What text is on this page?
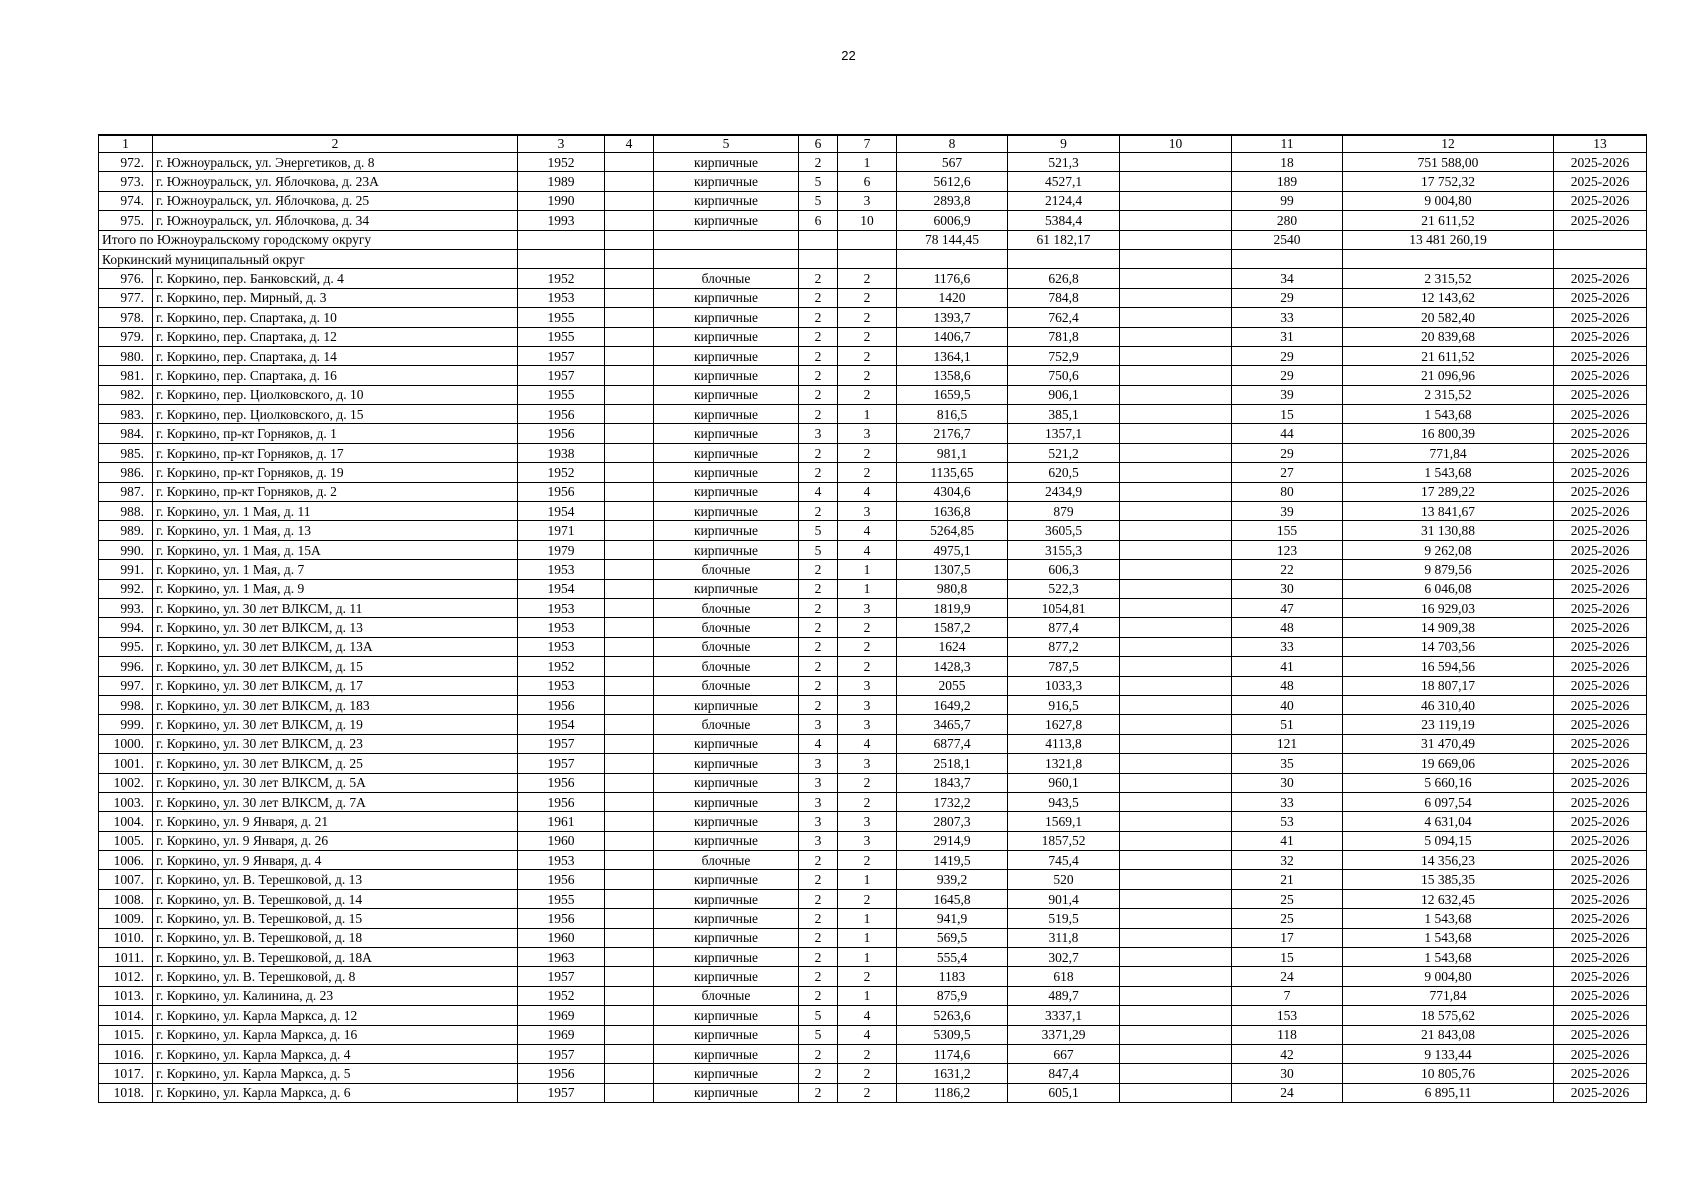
22
1	2	3	4	5	6	7	8	9	10	11	12	13
972.	г. Южноуральск, ул. Энергетиков, д. 8	1952		кирпичные	2	1	567	521,3		18	751 588,00	2025-2026
973.	г. Южноуральск, ул. Яблочкова, д. 23А	1989		кирпичные	5	6	5612,6	4527,1		189	17 752,32	2025-2026
974.	г. Южноуральск, ул. Яблочкова, д. 25	1990		кирпичные	5	3	2893,8	2124,4		99	9 004,80	2025-2026
975.	г. Южноуральск, ул. Яблочкова, д. 34	1993		кирпичные	6	10	6006,9	5384,4		280	21 611,52	2025-2026
Итого по Южноуральскому городскому округу							78 144,45	61 182,17		2540	13 481 260,19	
Коркинский муниципальный округ												
976.	г. Коркино, пер. Банковский, д. 4	1952		блочные	2	2	1176,6	626,8		34	2 315,52	2025-2026
977.	г. Коркино, пер. Мирный, д. 3	1953		кирпичные	2	2	1420	784,8		29	12 143,62	2025-2026
978.	г. Коркино, пер. Спартака, д. 10	1955		кирпичные	2	2	1393,7	762,4		33	20 582,40	2025-2026
979.	г. Коркино, пер. Спартака, д. 12	1955		кирпичные	2	2	1406,7	781,8		31	20 839,68	2025-2026
980.	г. Коркино, пер. Спартака, д. 14	1957		кирпичные	2	2	1364,1	752,9		29	21 611,52	2025-2026
981.	г. Коркино, пер. Спартака, д. 16	1957		кирпичные	2	2	1358,6	750,6		29	21 096,96	2025-2026
982.	г. Коркино, пер. Циолковского, д. 10	1955		кирпичные	2	2	1659,5	906,1		39	2 315,52	2025-2026
983.	г. Коркино, пер. Циолковского, д. 15	1956		кирпичные	2	1	816,5	385,1		15	1 543,68	2025-2026
984.	г. Коркино, пр-кт Горняков, д. 1	1956		кирпичные	3	3	2176,7	1357,1		44	16 800,39	2025-2026
985.	г. Коркино, пр-кт Горняков, д. 17	1938		кирпичные	2	2	981,1	521,2		29	771,84	2025-2026
986.	г. Коркино, пр-кт Горняков, д. 19	1952		кирпичные	2	2	1135,65	620,5		27	1 543,68	2025-2026
987.	г. Коркино, пр-кт Горняков, д. 2	1956		кирпичные	4	4	4304,6	2434,9		80	17 289,22	2025-2026
988.	г. Коркино, ул. 1 Мая, д. 11	1954		кирпичные	2	3	1636,8	879		39	13 841,67	2025-2026
989.	г. Коркино, ул. 1 Мая, д. 13	1971		кирпичные	5	4	5264,85	3605,5		155	31 130,88	2025-2026
990.	г. Коркино, ул. 1 Мая, д. 15А	1979		кирпичные	5	4	4975,1	3155,3		123	9 262,08	2025-2026
991.	г. Коркино, ул. 1 Мая, д. 7	1953		блочные	2	1	1307,5	606,3		22	9 879,56	2025-2026
992.	г. Коркино, ул. 1 Мая, д. 9	1954		кирпичные	2	1	980,8	522,3		30	6 046,08	2025-2026
993.	г. Коркино, ул. 30 лет ВЛКСМ, д. 11	1953		блочные	2	3	1819,9	1054,81		47	16 929,03	2025-2026
994.	г. Коркино, ул. 30 лет ВЛКСМ, д. 13	1953		блочные	2	2	1587,2	877,4		48	14 909,38	2025-2026
995.	г. Коркино, ул. 30 лет ВЛКСМ, д. 13А	1953		блочные	2	2	1624	877,2		33	14 703,56	2025-2026
996.	г. Коркино, ул. 30 лет ВЛКСМ, д. 15	1952		блочные	2	2	1428,3	787,5		41	16 594,56	2025-2026
997.	г. Коркино, ул. 30 лет ВЛКСМ, д. 17	1953		блочные	2	3	2055	1033,3		48	18 807,17	2025-2026
998.	г. Коркино, ул. 30 лет ВЛКСМ, д. 183	1956		кирпичные	2	3	1649,2	916,5		40	46 310,40	2025-2026
999.	г. Коркино, ул. 30 лет ВЛКСМ, д. 19	1954		блочные	3	3	3465,7	1627,8		51	23 119,19	2025-2026
1000.	г. Коркино, ул. 30 лет ВЛКСМ, д. 23	1957		кирпичные	4	4	6877,4	4113,8		121	31 470,49	2025-2026
1001.	г. Коркино, ул. 30 лет ВЛКСМ, д. 25	1957		кирпичные	3	3	2518,1	1321,8		35	19 669,06	2025-2026
1002.	г. Коркино, ул. 30 лет ВЛКСМ, д. 5А	1956		кирпичные	3	2	1843,7	960,1		30	5 660,16	2025-2026
1003.	г. Коркино, ул. 30 лет ВЛКСМ, д. 7А	1956		кирпичные	3	2	1732,2	943,5		33	6 097,54	2025-2026
1004.	г. Коркино, ул. 9 Января, д. 21	1961		кирпичные	3	3	2807,3	1569,1		53	4 631,04	2025-2026
1005.	г. Коркино, ул. 9 Января, д. 26	1960		кирпичные	3	3	2914,9	1857,52		41	5 094,15	2025-2026
1006.	г. Коркино, ул. 9 Января, д. 4	1953		блочные	2	2	1419,5	745,4		32	14 356,23	2025-2026
1007.	г. Коркино, ул. В. Терешковой, д. 13	1956		кирпичные	2	1	939,2	520		21	15 385,35	2025-2026
1008.	г. Коркино, ул. В. Терешковой, д. 14	1955		кирпичные	2	2	1645,8	901,4		25	12 632,45	2025-2026
1009.	г. Коркино, ул. В. Терешковой, д. 15	1956		кирпичные	2	1	941,9	519,5		25	1 543,68	2025-2026
1010.	г. Коркино, ул. В. Терешковой, д. 18	1960		кирпичные	2	1	569,5	311,8		17	1 543,68	2025-2026
1011.	г. Коркино, ул. В. Терешковой, д. 18А	1963		кирпичные	2	1	555,4	302,7		15	1 543,68	2025-2026
1012.	г. Коркино, ул. В. Терешковой, д. 8	1957		кирпичные	2	2	1183	618		24	9 004,80	2025-2026
1013.	г. Коркино, ул. Калинина, д. 23	1952		блочные	2	1	875,9	489,7		7	771,84	2025-2026
1014.	г. Коркино, ул. Карла Маркса, д. 12	1969		кирпичные	5	4	5263,6	3337,1		153	18 575,62	2025-2026
1015.	г. Коркино, ул. Карла Маркса, д. 16	1969		кирпичные	5	4	5309,5	3371,29		118	21 843,08	2025-2026
1016.	г. Коркино, ул. Карла Маркса, д. 4	1957		кирпичные	2	2	1174,6	667		42	9 133,44	2025-2026
1017.	г. Коркино, ул. Карла Маркса, д. 5	1956		кирпичные	2	2	1631,2	847,4		30	10 805,76	2025-2026
1018.	г. Коркино, ул. Карла Маркса, д. 6	1957		кирпичные	2	2	1186,2	605,1		24	6 895,11	2025-2026
